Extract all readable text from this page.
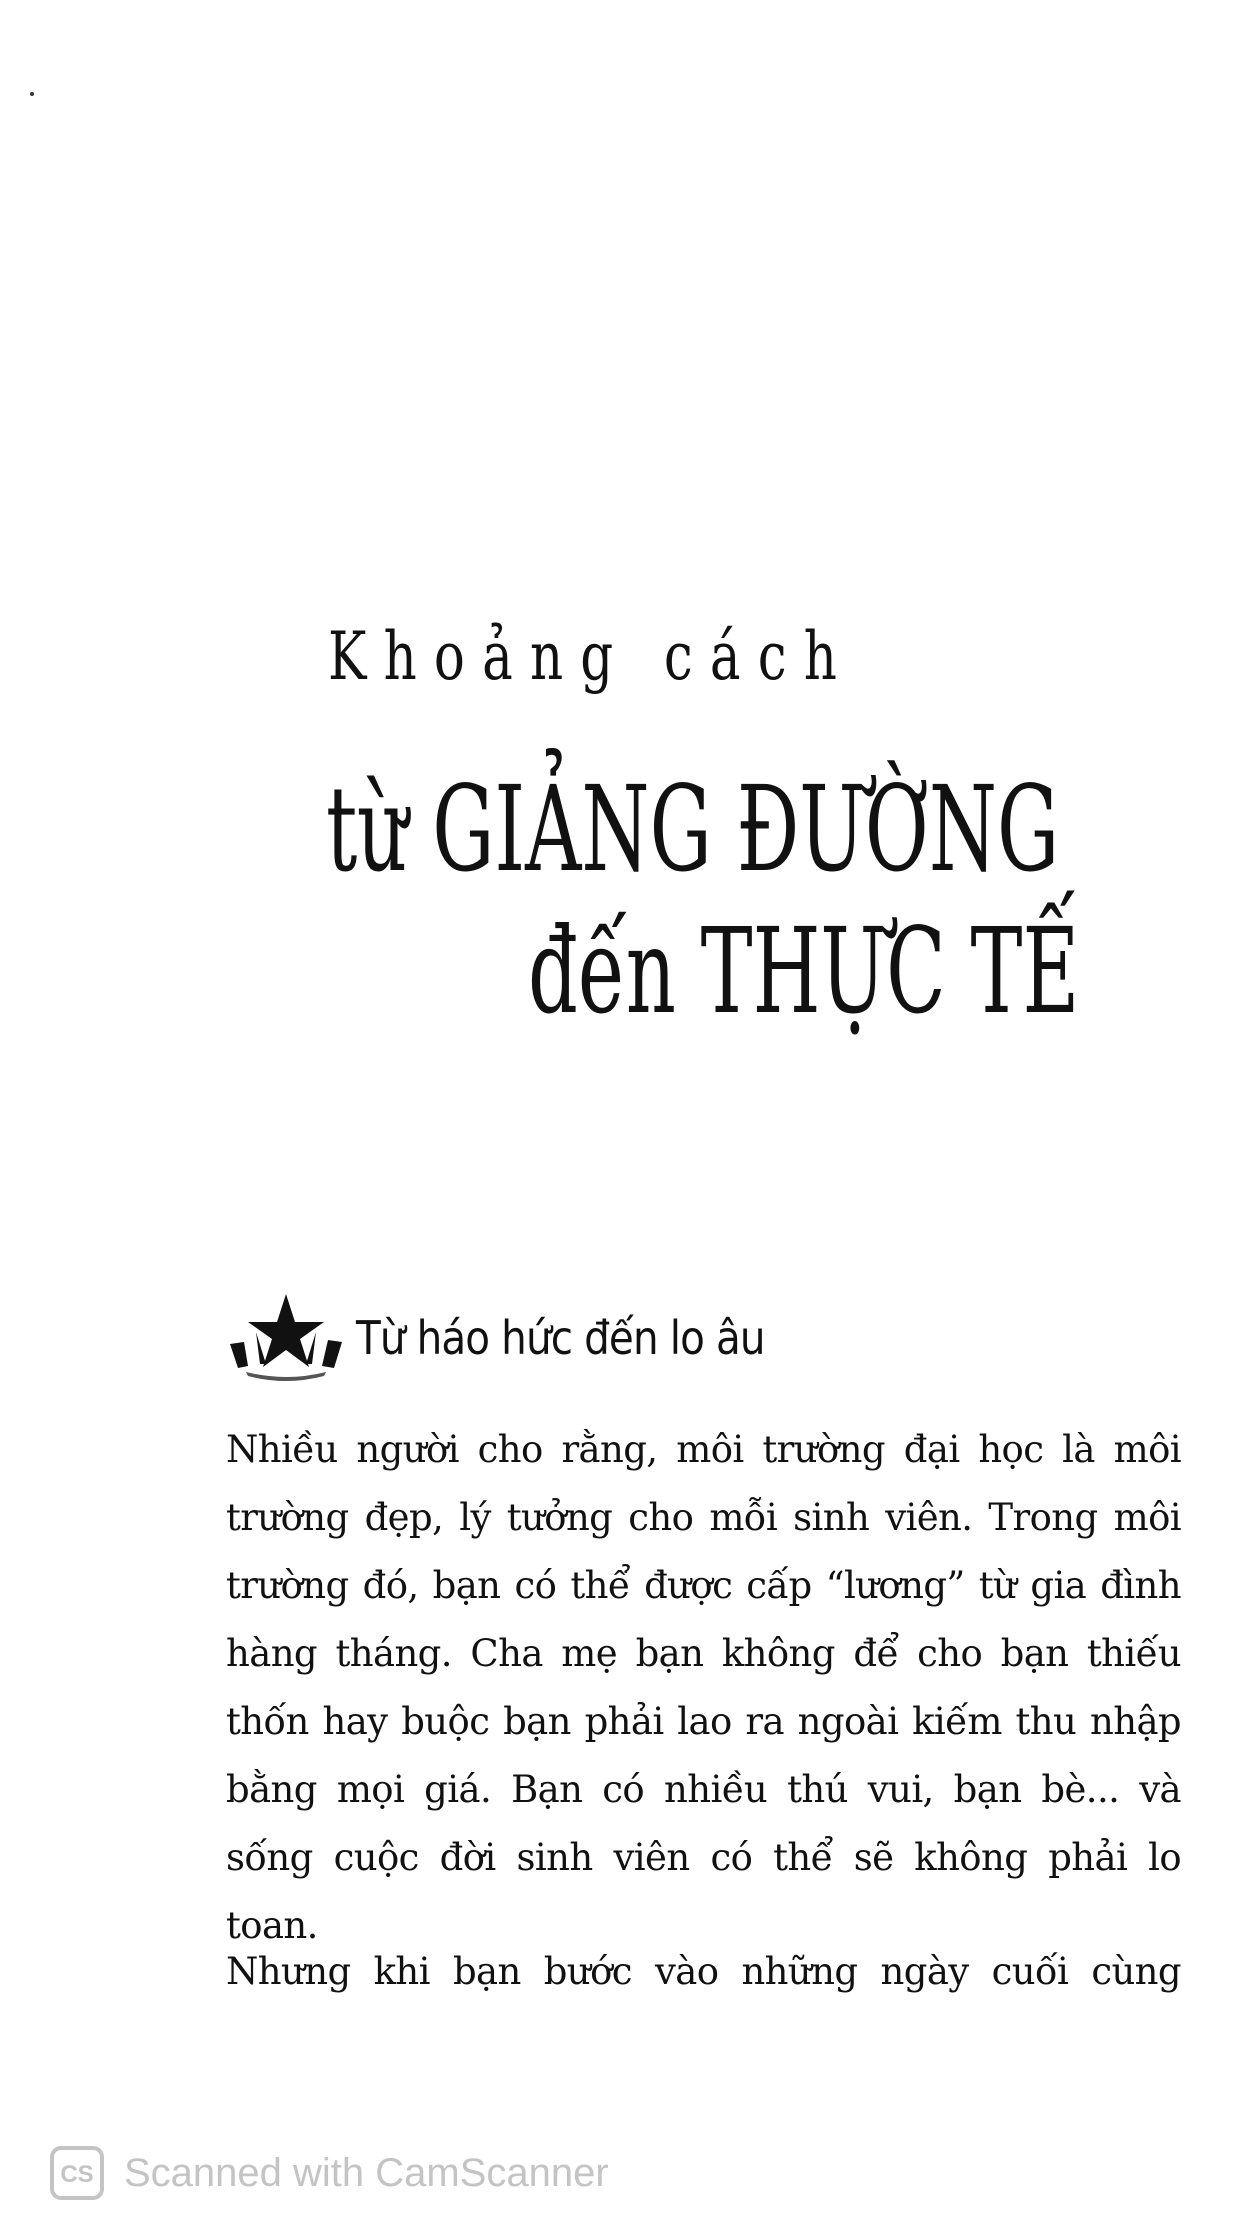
Khoảng cách
từ GIẢNG ĐƯỜNG
đến THỰC TẾ
Từ háo hức đến lo âu

Nhiều người cho rằng, môi trường đại học là môi trường đẹp, lý tưởng cho mỗi sinh viên. Trong môi trường đó, bạn có thể được cấp “lương” từ gia đình hàng tháng. Cha mẹ bạn không để cho bạn thiếu thốn hay buộc bạn phải lao ra ngoài kiếm thu nhập bằng mọi giá. Bạn có nhiều thú vui, bạn bè... và sống cuộc đời sinh viên có thể sẽ không phải lo toan.

Nhưng khi bạn bước vào những ngày cuối cùng

CS Scanned with CamScanner
